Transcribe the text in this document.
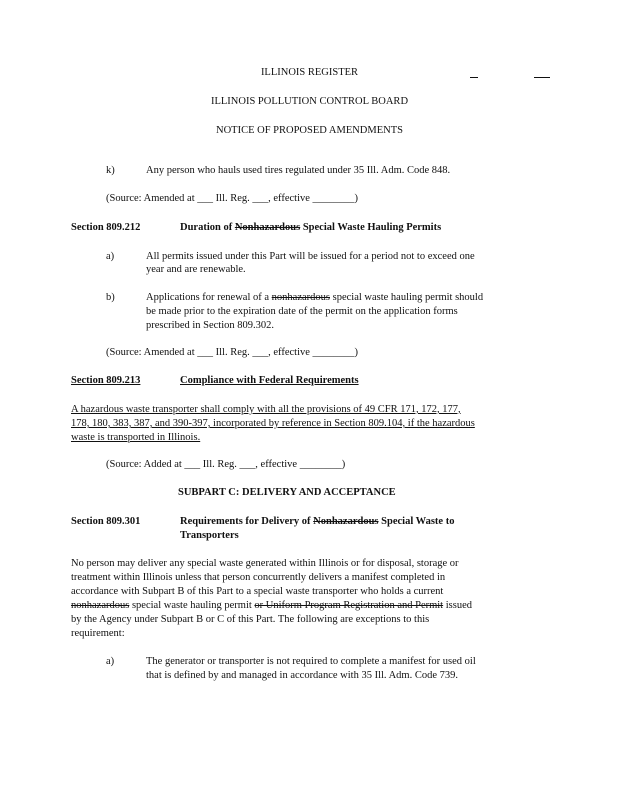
ILLINOIS REGISTER
ILLINOIS POLLUTION CONTROL BOARD
NOTICE OF PROPOSED AMENDMENTS
k)	Any person who hauls used tires regulated under 35 Ill. Adm. Code 848.
(Source: Amended at ___ Ill. Reg. ___, effective ________)
Section 809.212	Duration of Nonhazardous Special Waste Hauling Permits
a)	All permits issued under this Part will be issued for a period not to exceed one
year and are renewable.
b)	Applications for renewal of a nonhazardous special waste hauling permit should
be made prior to the expiration date of the permit on the application forms
prescribed in Section 809.302.
(Source: Amended at ___ Ill. Reg. ___, effective ________)
Section 809.213	Compliance with Federal Requirements
A hazardous waste transporter shall comply with all the provisions of 49 CFR 171, 172, 177,
178, 180, 383, 387, and 390-397, incorporated by reference in Section 809.104, if the hazardous
waste is transported in Illinois.
(Source: Added at ___ Ill. Reg. ___, effective ________)
SUBPART C: DELIVERY AND ACCEPTANCE
Section 809.301	Requirements for Delivery of Nonhazardous Special Waste to
Transporters
No person may deliver any special waste generated within Illinois or for disposal, storage or
treatment within Illinois unless that person concurrently delivers a manifest completed in
accordance with Subpart B of this Part to a special waste transporter who holds a current
nonhazardous special waste hauling permit or Uniform Program Registration and Permit issued
by the Agency under Subpart B or C of this Part. The following are exceptions to this
requirement:
a)	The generator or transporter is not required to complete a manifest for used oil
that is defined by and managed in accordance with 35 Ill. Adm. Code 739.
